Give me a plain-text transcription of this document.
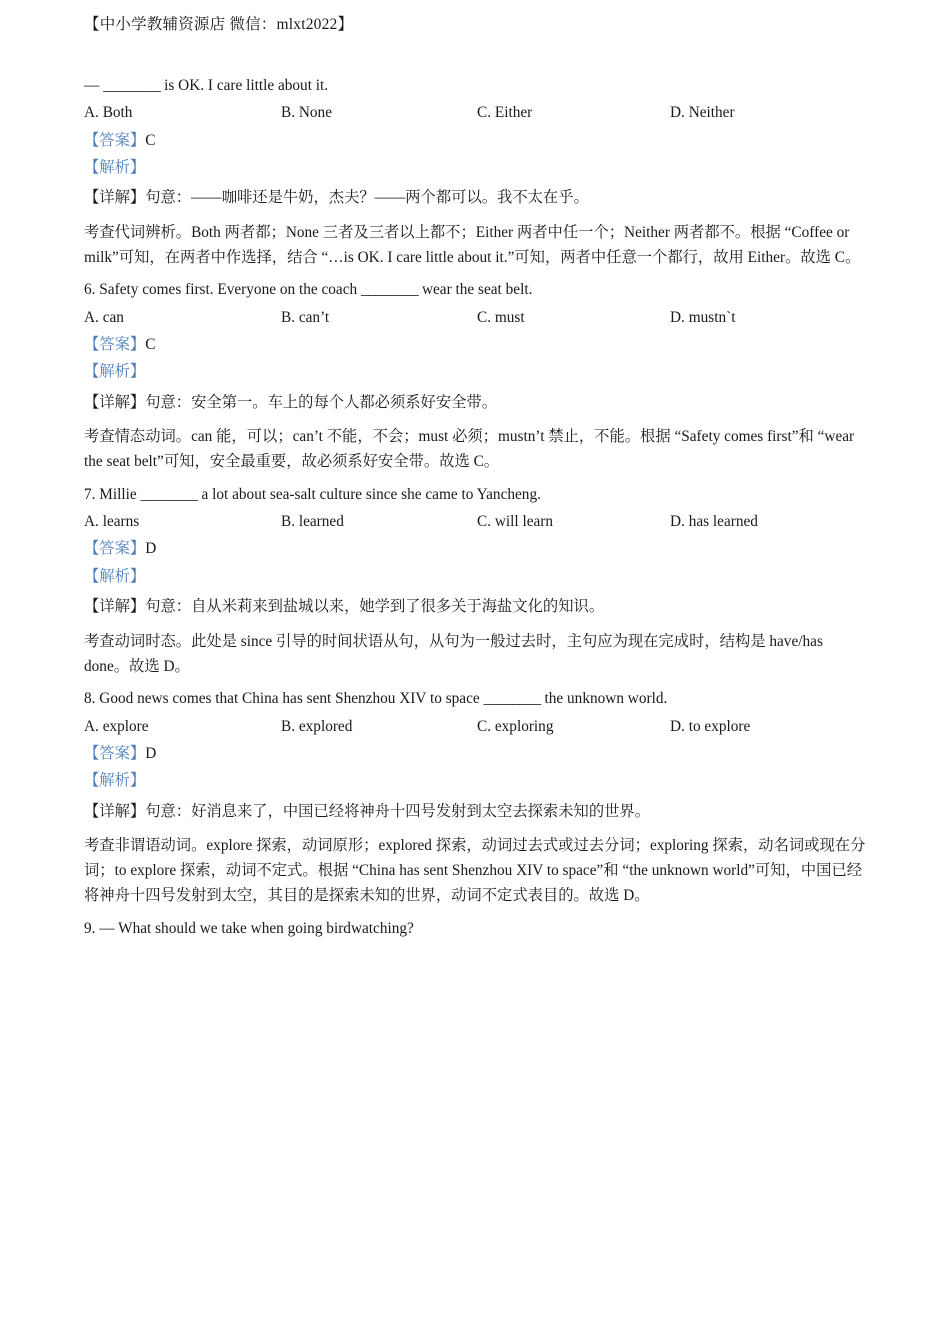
【中小学教辅资源店 微信：mlxt2022】
— ________ is OK. I care little about it.
A. Both	B. None	C. Either	D. Neither
【答案】C
【解析】
【详解】句意：——咖啡还是牛奶，杰夫？——两个都可以。我不太在乎。
考查代词辨析。Both 两者都；None 三者及三者以上都不；Either 两者中任一个；Neither 两者都不。根据 “Coffee or milk”可知，在两者中作选择，结合 “…is OK. I care little about it.”可知，两者中任意一个都行，故用 Either。故选 C。
6. Safety comes first. Everyone on the coach ________ wear the seat belt.
A. can	B. can’t	C. must	D. mustn`t
【答案】C
【解析】
【详解】句意：安全第一。车上的每个人都必须系好安全带。
考查情态动词。can 能，可以；can’t 不能，不会；must 必须；mustn’t 禁止，不能。根据 “Safety comes first”和 “wear the seat belt”可知，安全最重要，故必须系好安全带。故选 C。
7. Millie ________ a lot about sea-salt culture since she came to Yancheng.
A. learns	B. learned	C. will learn	D. has learned
【答案】D
【解析】
【详解】句意：自从米莉来到盐城以来，她学到了很多关于海盐文化的知识。
考查动词时态。此处是 since 引导的时间状语从句，从句为一般过去时，主句应为现在完成时，结构是 have/has done。故选 D。
8. Good news comes that China has sent Shenzhou XIV to space ________ the unknown world.
A. explore	B. explored	C. exploring	D. to explore
【答案】D
【解析】
【详解】句意：好消息来了，中国已经将神舟十四号发射到太空去探索未知的世界。
考查非谓语动词。explore 探索，动词原形；explored 探索，动词过去式或过去分词；exploring 探索，动名词或现在分词；to explore 探索，动词不定式。根据 “China has sent Shenzhou XIV to space”和 “the unknown world”可知，中国已经将神舟十四号发射到太空，其目的是探索未知的世界，动词不定式表目的。故选 D。
9. — What should we take when going birdwatching?
